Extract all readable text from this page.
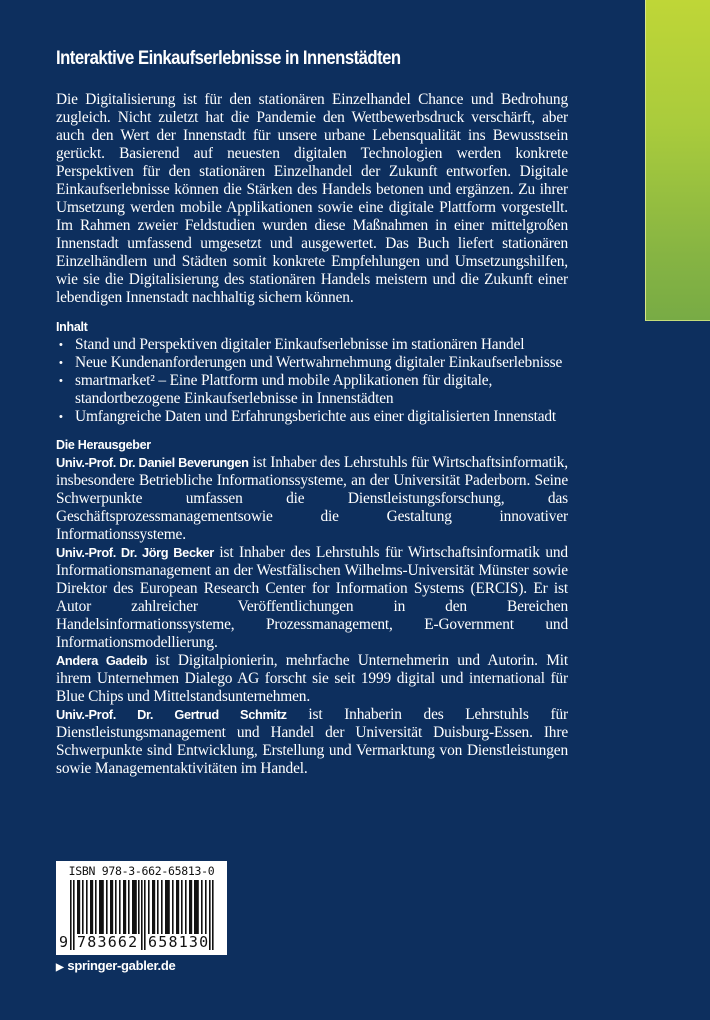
Interaktive Einkaufserlebnisse in Innenstädten

Die Digitalisierung ist für den stationären Einzelhandel Chance und Bedrohung zugleich. Nicht zuletzt hat die Pandemie den Wettbewerbsdruck verschärft, aber auch den Wert der Innenstadt für unsere urbane Lebensqualität ins Bewusstsein gerückt. Basierend auf neuesten digitalen Technologien werden konkrete Perspektiven für den stationären Einzelhandel der Zukunft entworfen. Digitale Einkaufserlebnisse können die Stärken des Handels betonen und ergänzen. Zu ihrer Umsetzung werden mobile Applikationen sowie eine digitale Plattform vorgestellt. Im Rahmen zweier Feldstudien wurden diese Maßnahmen in einer mittelgroßen Innenstadt umfassend umgesetzt und ausgewertet. Das Buch liefert stationären Einzelhändlern und Städten somit konkrete Empfehlungen und Umsetzungshilfen, wie sie die Digitalisierung des stationären Handels meistern und die Zukunft einer lebendigen Innenstadt nachhaltig sichern können.

Inhalt
• Stand und Perspektiven digitaler Einkaufserlebnisse im stationären Handel
• Neue Kundenanforderungen und Wertwahrnehmung digitaler Einkaufserlebnisse
• smartmarket² – Eine Plattform und mobile Applikationen für digitale, standortbezogene Einkaufserlebnisse in Innenstädten
• Umfangreiche Daten und Erfahrungsberichte aus einer digitalisierten Innenstadt
Die Herausgeber

Univ.-Prof. Dr. Daniel Beverungen ist Inhaber des Lehrstuhls für Wirtschaftsinformatik, insbesondere Betriebliche Informationssysteme, an der Universität Paderborn. Seine Schwerpunkte umfassen die Dienstleistungsforschung, das Geschäftsprozessmanagementsowie die Gestaltung innovativer Informationssysteme.

Univ.-Prof. Dr. Jörg Becker ist Inhaber des Lehrstuhls für Wirtschaftsinformatik und Informationsmanagement an der Westfälischen Wilhelms-Universität Münster sowie Direktor des European Research Center for Information Systems (ERCIS). Er ist Autor zahlreicher Veröffentlichungen in den Bereichen Handelsinformationssysteme, Prozessmanagement, E-Government und Informationsmodellierung.

Andera Gadeib ist Digitalpionierin, mehrfache Unternehmerin und Autorin. Mit ihrem Unternehmen Dialego AG forscht sie seit 1999 digital und international für Blue Chips und Mittelstandsunternehmen.

Univ.-Prof. Dr. Gertrud Schmitz ist Inhaberin des Lehrstuhls für Dienstleistungsmanagement und Handel der Universität Duisburg-Essen. Ihre Schwerpunkte sind Entwicklung, Erstellung und Vermarktung von Dienstleistungen sowie Managementaktivitäten im Handel.

ISBN 978-3-662-65813-0
9 783662 658130
▶ springer-gabler.de
